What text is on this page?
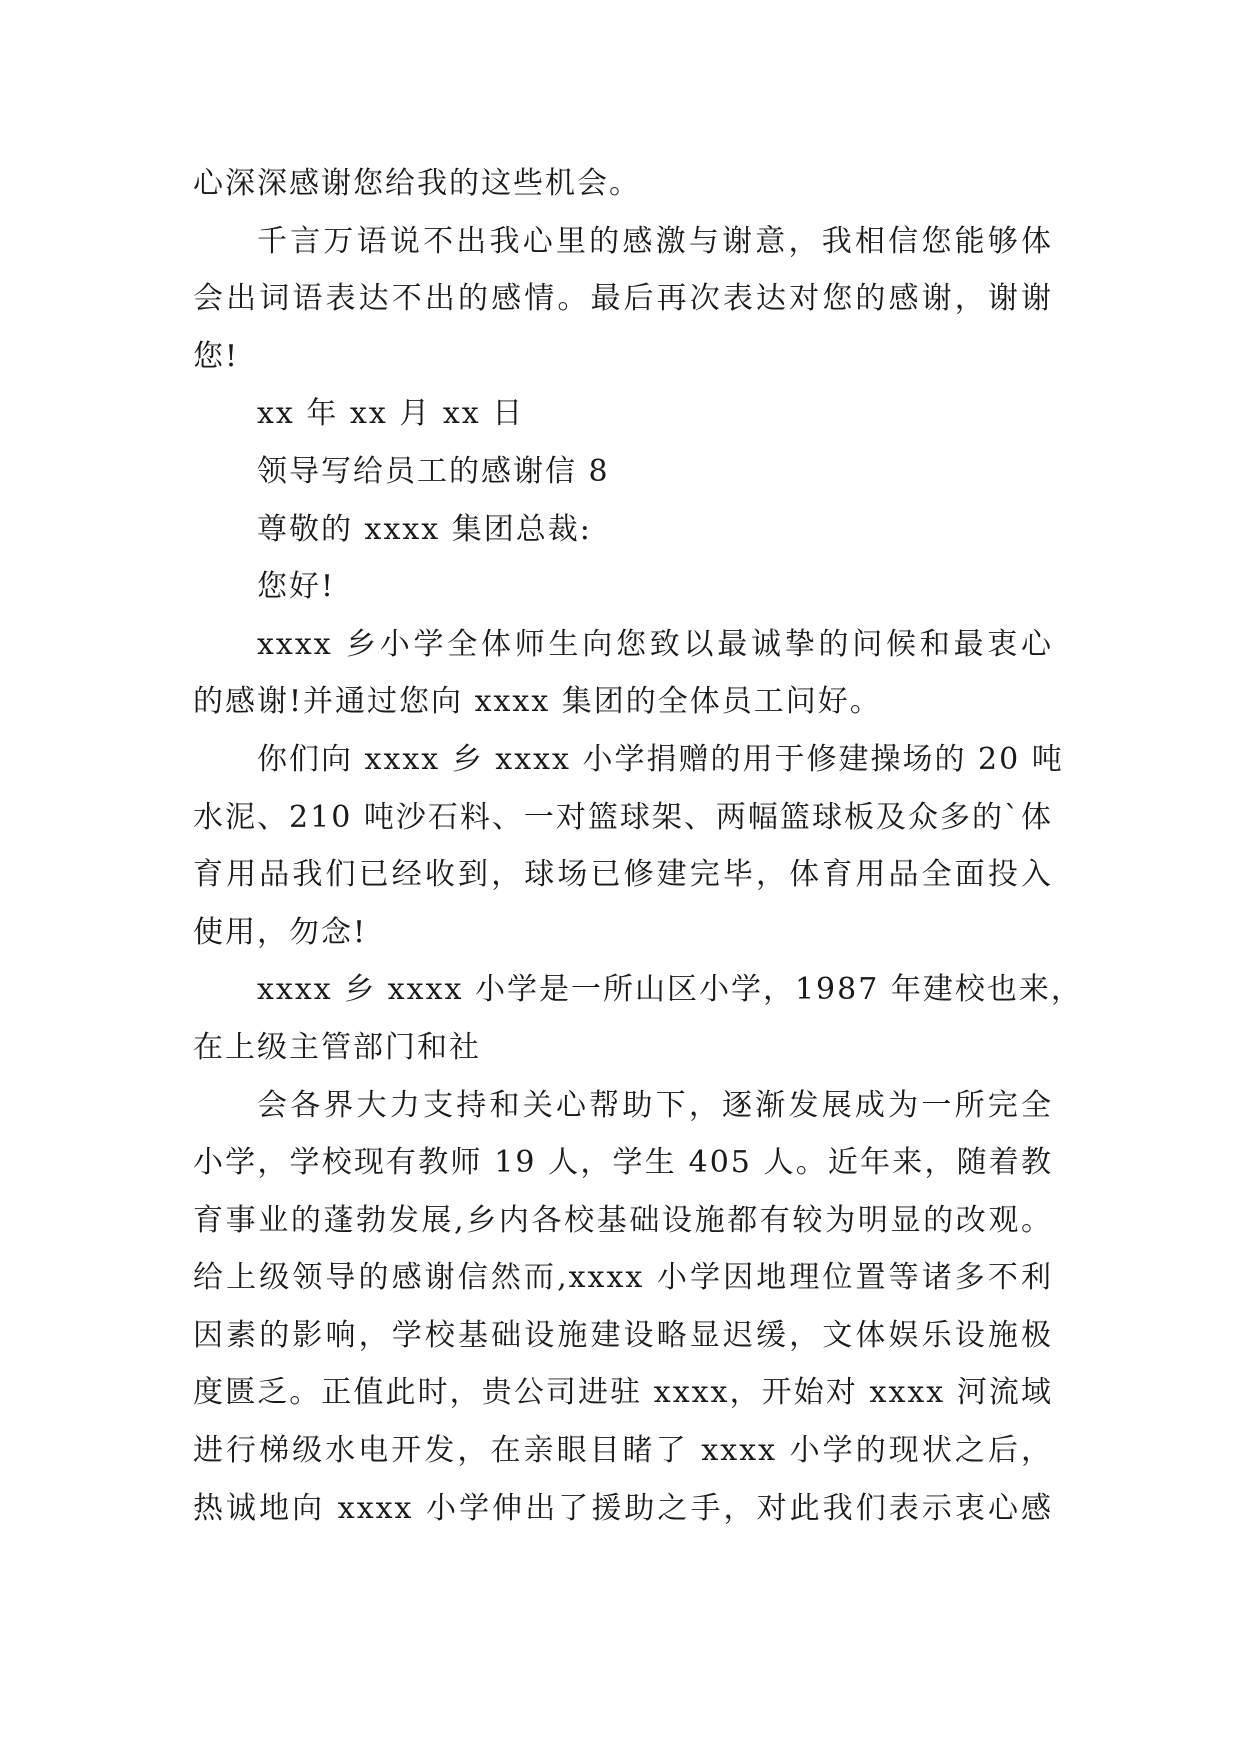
心深深感谢您给我的这些机会。
千言万语说不出我心里的感激与谢意，我相信您能够体
会出词语表达不出的感情。最后再次表达对您的感谢，谢谢
您!
xx 年 xx 月 xx 日
领导写给员工的感谢信 8
尊敬的 xxxx 集团总裁:
您好!
xxxx 乡小学全体师生向您致以最诚挚的问候和最衷心
的感谢!并通过您向 xxxx 集团的全体员工问好。
你们向 xxxx 乡 xxxx 小学捐赠的用于修建操场的 20 吨
水泥、210 吨沙石料、一对篮球架、两幅篮球板及众多的`体
育用品我们已经收到，球场已修建完毕，体育用品全面投入
使用，勿念!
xxxx 乡 xxxx 小学是一所山区小学，1987 年建校也来，
在上级主管部门和社
会各界大力支持和关心帮助下，逐渐发展成为一所完全
小学，学校现有教师 19 人，学生 405 人。近年来，随着教
育事业的蓬勃发展,乡内各校基础设施都有较为明显的改观。
给上级领导的感谢信然而,xxxx 小学因地理位置等诸多不利
因素的影响，学校基础设施建设略显迟缓，文体娱乐设施极
度匮乏。正值此时，贵公司进驻 xxxx，开始对 xxxx 河流域
进行梯级水电开发，在亲眼目睹了 xxxx 小学的现状之后，
热诚地向 xxxx 小学伸出了援助之手，对此我们表示衷心感
